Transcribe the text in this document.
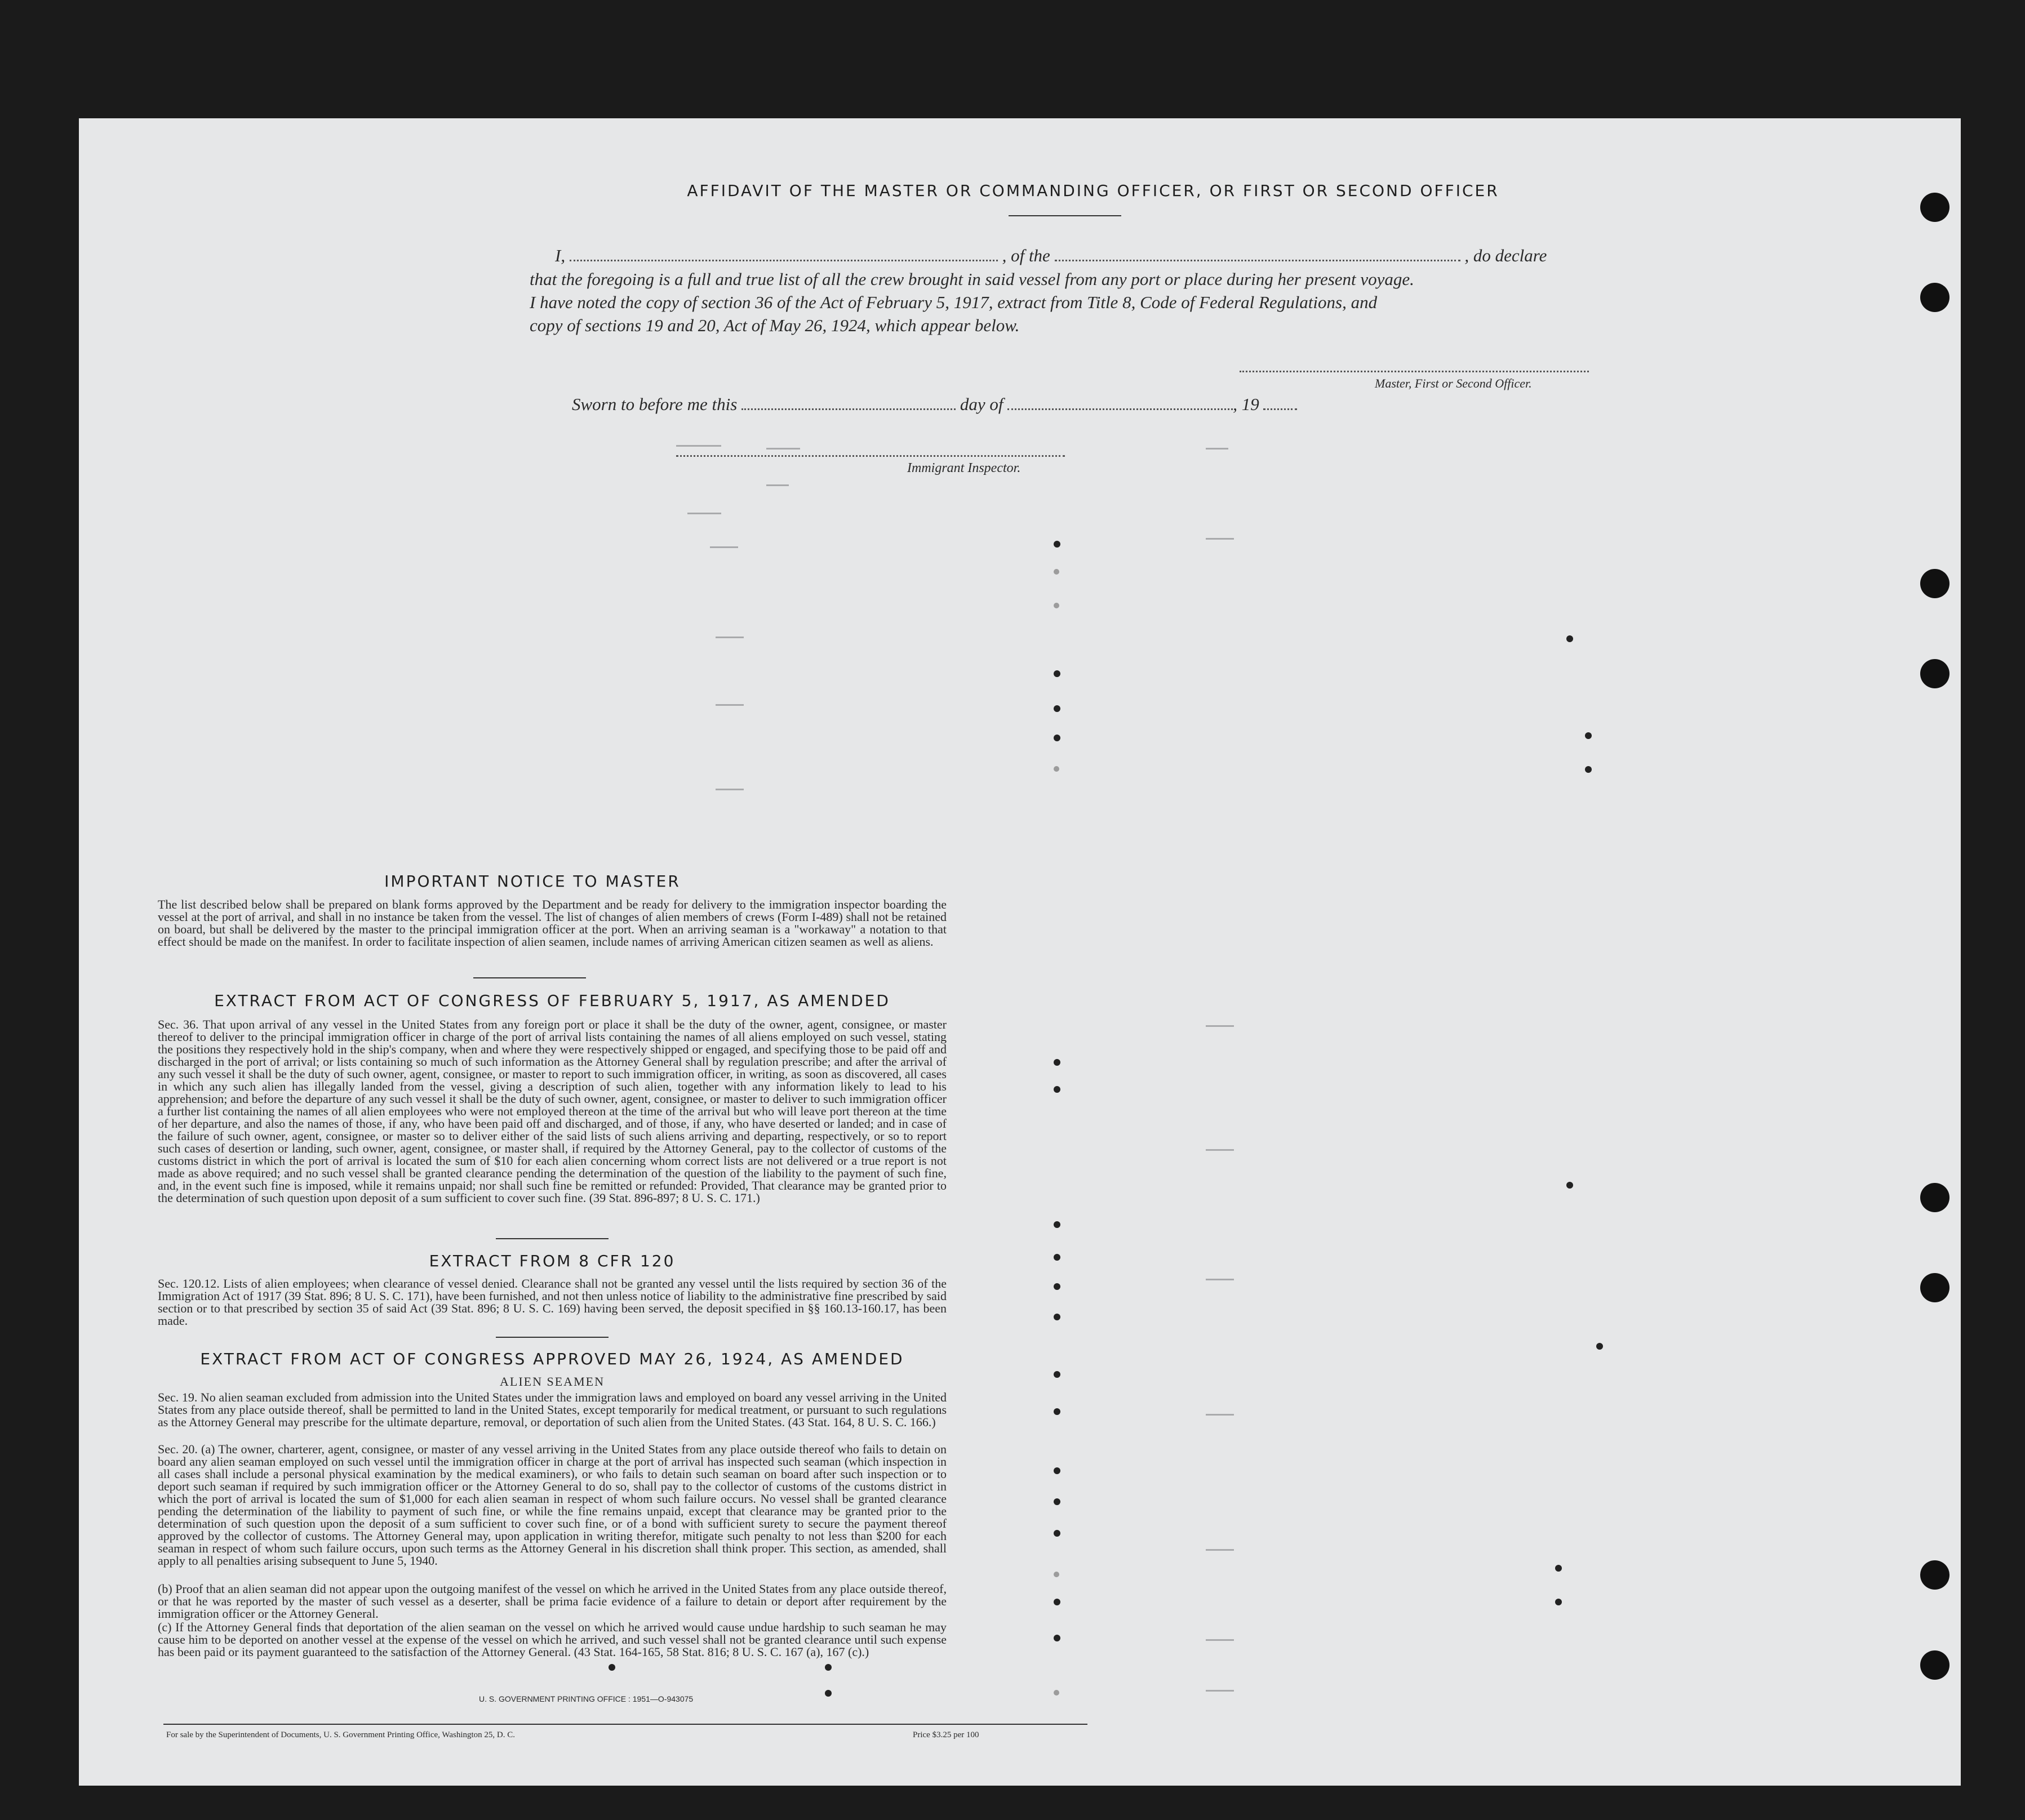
AFFIDAVIT OF THE MASTER OR COMMANDING OFFICER, OR FIRST OR SECOND OFFICER
I,	, of the	, do declare
that the foregoing is a full and true list of all the crew brought in said vessel from any port or place during her present voyage.
I have noted the copy of section 36 of the Act of February 5, 1917, extract from Title 8, Code of Federal Regulations, and
copy of sections 19 and 20, Act of May 26, 1924, which appear below.
Master, First or Second Officer.
Sworn to before me this	day of	, 19
Immigrant Inspector.
IMPORTANT NOTICE TO MASTER
The list described below shall be prepared on blank forms approved by the Department and be ready for delivery to the immigration inspector boarding the vessel at the port of arrival, and shall in no instance be taken from the vessel. The list of changes of alien members of crews (Form I-489) shall not be retained on board, but shall be delivered by the master to the principal immigration officer at the port. When an arriving seaman is a "workaway" a notation to that effect should be made on the manifest. In order to facilitate inspection of alien seamen, include names of arriving American citizen seamen as well as aliens.
EXTRACT FROM ACT OF CONGRESS OF FEBRUARY 5, 1917, AS AMENDED
Sec. 36. That upon arrival of any vessel in the United States from any foreign port or place it shall be the duty of the owner, agent, consignee, or master thereof to deliver to the principal immigration officer in charge of the port of arrival lists containing the names of all aliens employed on such vessel, stating the positions they respectively hold in the ship's company, when and where they were respectively shipped or engaged, and specifying those to be paid off and discharged in the port of arrival; or lists containing so much of such information as the Attorney General shall by regulation prescribe; and after the arrival of any such vessel it shall be the duty of such owner, agent, consignee, or master to report to such immigration officer, in writing, as soon as discovered, all cases in which any such alien has illegally landed from the vessel, giving a description of such alien, together with any information likely to lead to his apprehension; and before the departure of any such vessel it shall be the duty of such owner, agent, consignee, or master to deliver to such immigration officer a further list containing the names of all alien employees who were not employed thereon at the time of the arrival but who will leave port thereon at the time of her departure, and also the names of those, if any, who have been paid off and discharged, and of those, if any, who have deserted or landed; and in case of the failure of such owner, agent, consignee, or master so to deliver either of the said lists of such aliens arriving and departing, respectively, or so to report such cases of desertion or landing, such owner, agent, consignee, or master shall, if required by the Attorney General, pay to the collector of customs of the customs district in which the port of arrival is located the sum of $10 for each alien concerning whom correct lists are not delivered or a true report is not made as above required; and no such vessel shall be granted clearance pending the determination of the question of the liability to the payment of such fine, and, in the event such fine is imposed, while it remains unpaid; nor shall such fine be remitted or refunded: Provided, That clearance may be granted prior to the determination of such question upon deposit of a sum sufficient to cover such fine. (39 Stat. 896-897; 8 U. S. C. 171.)
EXTRACT FROM 8 CFR 120
Sec. 120.12. Lists of alien employees; when clearance of vessel denied. Clearance shall not be granted any vessel until the lists required by section 36 of the Immigration Act of 1917 (39 Stat. 896; 8 U. S. C. 171), have been furnished, and not then unless notice of liability to the administrative fine prescribed by said section or to that prescribed by section 35 of said Act (39 Stat. 896; 8 U. S. C. 169) having been served, the deposit specified in §§ 160.13-160.17, has been made.
EXTRACT FROM ACT OF CONGRESS APPROVED MAY 26, 1924, AS AMENDED
ALIEN SEAMEN
Sec. 19. No alien seaman excluded from admission into the United States under the immigration laws and employed on board any vessel arriving in the United States from any place outside thereof, shall be permitted to land in the United States, except temporarily for medical treatment, or pursuant to such regulations as the Attorney General may prescribe for the ultimate departure, removal, or deportation of such alien from the United States. (43 Stat. 164, 8 U. S. C. 166.)
Sec. 20. (a) The owner, charterer, agent, consignee, or master of any vessel arriving in the United States from any place outside thereof who fails to detain on board any alien seaman employed on such vessel until the immigration officer in charge at the port of arrival has inspected such seaman (which inspection in all cases shall include a personal physical examination by the medical examiners), or who fails to detain such seaman on board after such inspection or to deport such seaman if required by such immigration officer or the Attorney General to do so, shall pay to the collector of customs of the customs district in which the port of arrival is located the sum of $1,000 for each alien seaman in respect of whom such failure occurs. No vessel shall be granted clearance pending the determination of the liability to payment of such fine, or while the fine remains unpaid, except that clearance may be granted prior to the determination of such question upon the deposit of a sum sufficient to cover such fine, or of a bond with sufficient surety to secure the payment thereof approved by the collector of customs. The Attorney General may, upon application in writing therefor, mitigate such penalty to not less than $200 for each seaman in respect of whom such failure occurs, upon such terms as the Attorney General in his discretion shall think proper. This section, as amended, shall apply to all penalties arising subsequent to June 5, 1940.
(b) Proof that an alien seaman did not appear upon the outgoing manifest of the vessel on which he arrived in the United States from any place outside thereof, or that he was reported by the master of such vessel as a deserter, shall be prima facie evidence of a failure to detain or deport after requirement by the immigration officer or the Attorney General.
(c) If the Attorney General finds that deportation of the alien seaman on the vessel on which he arrived would cause undue hardship to such seaman he may cause him to be deported on another vessel at the expense of the vessel on which he arrived, and such vessel shall not be granted clearance until such expense has been paid or its payment guaranteed to the satisfaction of the Attorney General. (43 Stat. 164-165, 58 Stat. 816; 8 U. S. C. 167 (a), 167 (c).)
U. S. GOVERNMENT PRINTING OFFICE : 1951—O-943075
For sale by the Superintendent of Documents, U. S. Government Printing Office, Washington 25, D. C.	Price $3.25 per 100
